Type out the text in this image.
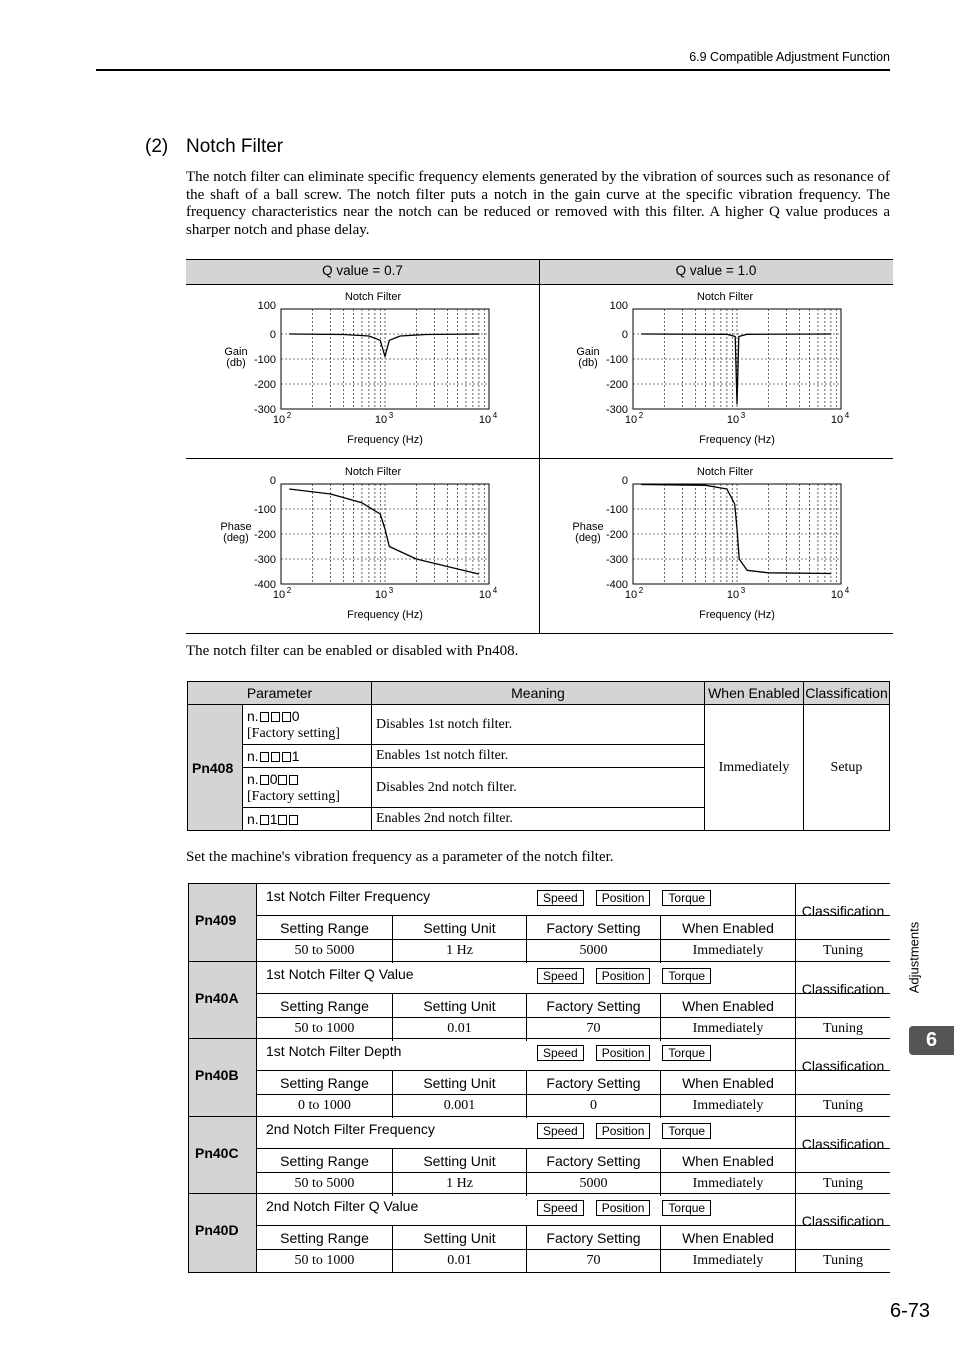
6.9 Compatible Adjustment Function
(2) Notch Filter
The notch filter can eliminate specific frequency elements generated by the vibration of sources such as resonance of the shaft of a ball screw. The notch filter puts a notch in the gain curve at the specific vibration frequency. The frequency characteristics near the notch can be reduced or removed with this filter. A higher Q value produces a sharper notch and phase delay.
Q value = 0.7	Q value = 1.0
Notch Filter
100
0
-100
-200
-300
10 2	10 3	10 4
Frequency (Hz)
Gain
(db)
Notch Filter
100
0
-100
-200
-300
10 2	10 3	10 4
Frequency (Hz)
Gain
(db)
Notch Filter
0
-100
-200
-300
-400
10 2	10 3	10 4
Frequency (Hz)
Phase
(deg)
Notch Filter
0
-100
-200
-300
-400
10 2	10 3	10 4
Frequency (Hz)
Phase
(deg)
The notch filter can be enabled or disabled with Pn408.
Parameter		Meaning	When Enabled	Classification
Pn408	n. 0
[Factory setting]	Disables 1st notch filter.	Immediately	Setup
	n. 1	Enables 1st notch filter.		
	n. 0
[Factory setting]	Disables 2nd notch filter.		
	n. 1	Enables 2nd notch filter.		
Set the machine's vibration frequency as a parameter of the notch filter.
Pn409
1st Notch Filter Frequency	Speed Position Torque
Classification
Setting Range	Setting Unit	Factory Setting	When Enabled
50 to 5000	1 Hz	5000	Immediately	Tuning
Pn40A
1st Notch Filter Q Value	Speed Position Torque
Classification
Setting Range	Setting Unit	Factory Setting	When Enabled
50 to 1000	0.01	70	Immediately	Tuning
Pn40B
1st Notch Filter Depth	Speed Position Torque
Classification
Setting Range	Setting Unit	Factory Setting	When Enabled
0 to 1000	0.001	0	Immediately	Tuning
Pn40C
2nd Notch Filter Frequency	Speed Position Torque
Classification
Setting Range	Setting Unit	Factory Setting	When Enabled
50 to 5000	1 Hz	5000	Immediately	Tuning
Pn40D
2nd Notch Filter Q Value	Speed Position Torque
Classification
Setting Range	Setting Unit	Factory Setting	When Enabled
50 to 1000	0.01	70	Immediately	Tuning
Adjustments
6
6-73
